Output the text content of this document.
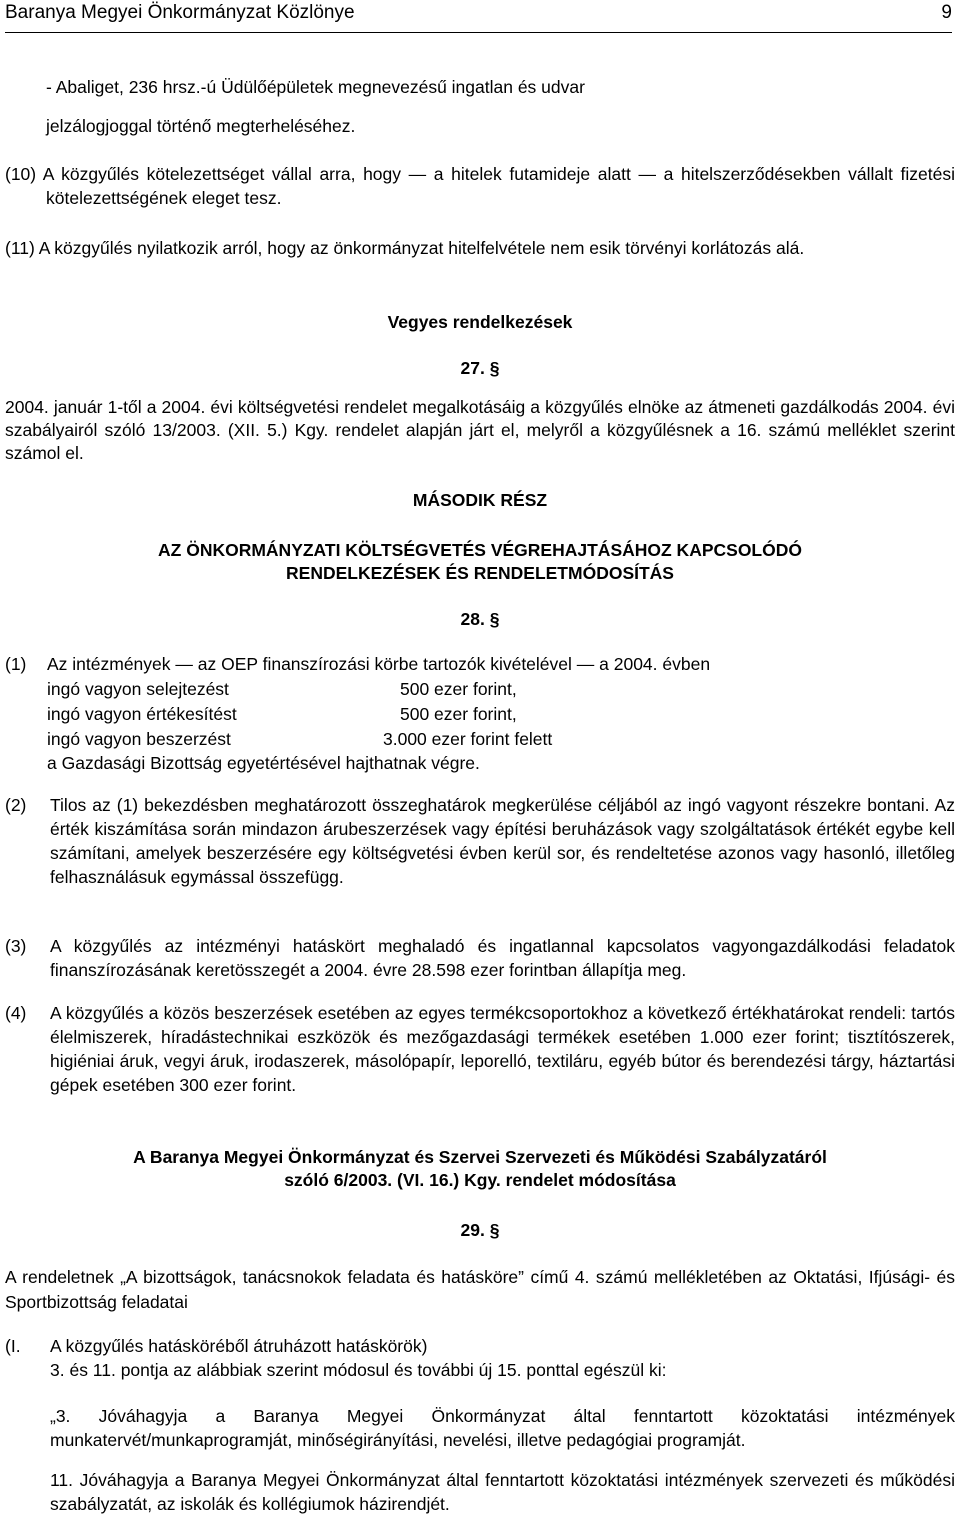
Baranya Megyei Önkormányzat Közlönye	9
- Abaliget, 236 hrsz.-ú Üdülőépületek megnevezésű ingatlan és udvar
jelzálogjoggal történő megterheléséhez.
(10) A közgyűlés kötelezettséget vállal arra, hogy — a hitelek futamideje alatt — a hitelszerződésekben vállalt fizetési kötelezettségének eleget tesz.
(11) A közgyűlés nyilatkozik arról, hogy az önkormányzat hitelfelvétele nem esik törvényi korlátozás alá.
Vegyes rendelkezések
27. §
2004. január 1-től a 2004. évi költségvetési rendelet megalkotásáig a közgyűlés elnöke az átmeneti gazdálkodás 2004. évi szabályairól szóló 13/2003. (XII. 5.) Kgy. rendelet alapján járt el, melyről a közgyűlésnek a 16. számú melléklet szerint számol el.
MÁSODIK RÉSZ
AZ ÖNKORMÁNYZATI KÖLTSÉGVETÉS VÉGREHAJTÁSÁHOZ KAPCSOLÓDÓ
RENDELKEZÉSEK ÉS RENDELETMÓDOSÍTÁS
28. §
(1) Az intézmények — az OEP finanszírozási körbe tartozók kivételével — a 2004. évben
ingó vagyon selejtezést	500 ezer forint,
ingó vagyon értékesítést	500 ezer forint,
ingó vagyon beszerzést	3.000 ezer forint felett
a Gazdasági Bizottság egyetértésével hajthatnak végre.
(2) Tilos az (1) bekezdésben meghatározott összeghatárok megkerülése céljából az ingó vagyont részekre bontani. Az érték kiszámítása során mindazon árubeszerzések vagy építési beruházások vagy szolgáltatások értékét egybe kell számítani, amelyek beszerzésére egy költségvetési évben kerül sor, és rendeltetése azonos vagy hasonló, illetőleg felhasználásuk egymással összefügg.
(3) A közgyűlés az intézményi hatáskört meghaladó és ingatlannal kapcsolatos vagyongazdálkodási feladatok finanszírozásának keretösszegét a 2004. évre 28.598 ezer forintban állapítja meg.
(4) A közgyűlés a közös beszerzések esetében az egyes termékcsoportokhoz a következő értékhatárokat rendeli: tartós élelmiszerek, híradástechnikai eszközök és mezőgazdasági termékek esetében 1.000 ezer forint; tisztítószerek, higiéniai áruk, vegyi áruk, irodaszerek, másolópapír, leporelló, textiláru, egyéb bútor és berendezési tárgy, háztartási gépek esetében 300 ezer forint.
A Baranya Megyei Önkormányzat és Szervei Szervezeti és Működési Szabályzatáról
szóló 6/2003. (VI. 16.) Kgy. rendelet módosítása
29. §
A rendeletnek „A bizottságok, tanácsnokok feladata és hatásköre” című 4. számú mellékletében az Oktatási, Ifjúsági- és Sportbizottság feladatai
(I. A közgyűlés hatásköréből átruházott hatáskörök)
3. és 11. pontja az alábbiak szerint módosul és további új 15. ponttal egészül ki:
„3. Jóváhagyja a Baranya Megyei Önkormányzat által fenntartott közoktatási intézmények munkatervét/munkaprogramját, minőségirányítási, nevelési, illetve pedagógiai programját.
11. Jóváhagyja a Baranya Megyei Önkormányzat által fenntartott közoktatási intézmények szervezeti és működési szabályzatát, az iskolák és kollégiumok házirendjét.
